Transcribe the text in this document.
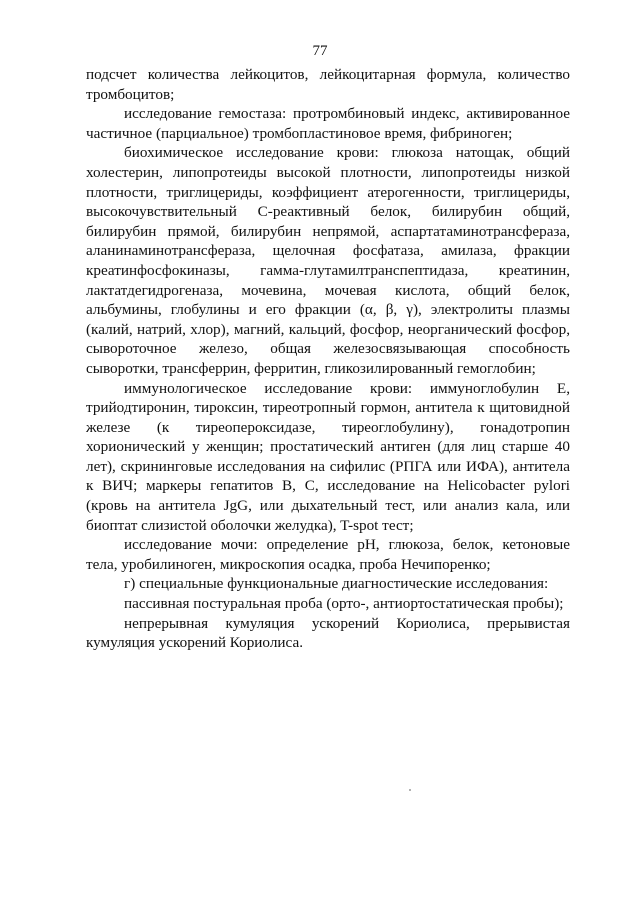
77

подсчет количества лейкоцитов, лейкоцитарная формула, количество тромбоцитов;

исследование гемостаза: протромбиновый индекс, активированное частичное (парциальное) тромбопластиновое время, фибриноген;

биохимическое исследование крови: глюкоза натощак, общий холестерин, липопротеиды высокой плотности, липопротеиды низкой плотности, триглицериды, коэффициент атерогенности, триглицериды, высокочувствительный С-реактивный белок, билирубин общий, билирубин прямой, билирубин непрямой, аспартатаминотрансфераза, аланинаминотрансфераза, щелочная фосфатаза, амилаза, фракции креатинфосфокиназы, гамма-глутамилтранспептидаза, креатинин, лактатдегидрогеназа, мочевина, мочевая кислота, общий белок, альбумины, глобулины и его фракции (α, β, γ), электролиты плазмы (калий, натрий, хлор), магний, кальций, фосфор, неорганический фосфор, сывороточное железо, общая железосвязывающая способность сыворотки, трансферрин, ферритин, гликозилированный гемоглобин;

иммунологическое исследование крови: иммуноглобулин Е, трийодтиронин, тироксин, тиреотропный гормон, антитела к щитовидной железе (к тиреопероксидазе, тиреоглобулину), гонадотропин хорионический у женщин; простатический антиген (для лиц старше 40 лет), скрининговые исследования на сифилис (РПГА или ИФА), антитела к ВИЧ; маркеры гепатитов В, С, исследование на Helicobacter pylori (кровь на антитела JgG, или дыхательный тест, или анализ кала, или биоптат слизистой оболочки желудка), T-spot тест;

исследование мочи: определение pH, глюкоза, белок, кетоновые тела, уробилиноген, микроскопия осадка, проба Нечипоренко;

г) специальные функциональные диагностические исследования:

пассивная постуральная проба (орто-, антиортостатическая пробы);

непрерывная кумуляция ускорений Кориолиса, прерывистая кумуляция ускорений Кориолиса.
